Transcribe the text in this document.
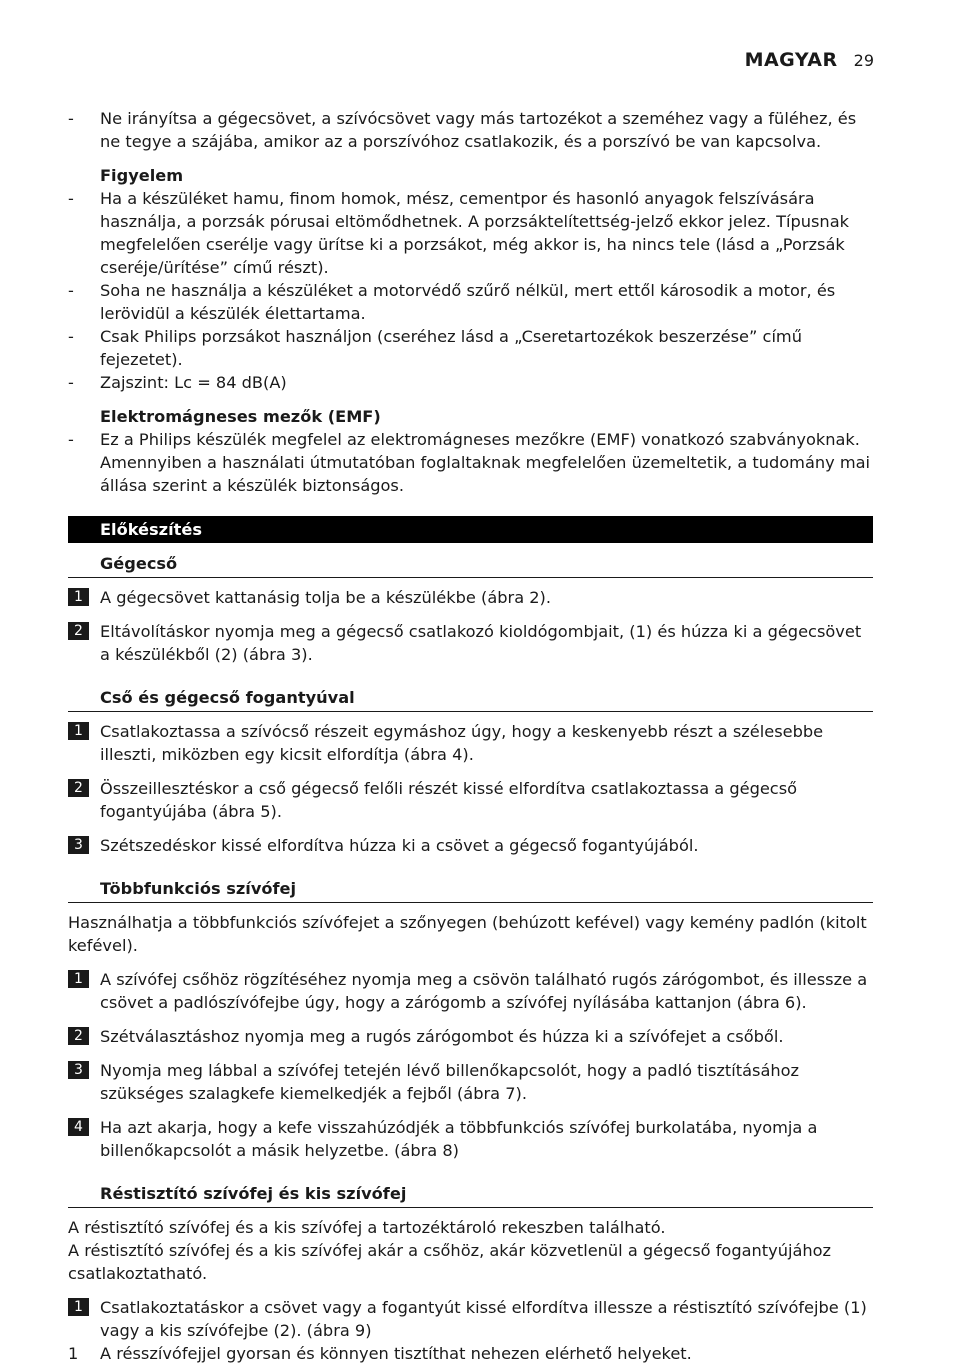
MAGYAR 29
- Ne irányítsa a gégecsövet, a szívócsövet vagy más tartozékot a szeméhez vagy a füléhez, és ne tegye a szájába, amikor az a porszívóhoz csatlakozik, és a porszívó be van kapcsolva.
Figyelem
- Ha a készüléket hamu, finom homok, mész, cementpor és hasonló anyagok felszívására használja, a porzsák pórusai eltömődhetnek. A porzsáktelítettség-jelző ekkor jelez. Típusnak megfelelően cserélje vagy ürítse ki a porzsákot, még akkor is, ha nincs tele (lásd a „Porzsák cseréje/ürítése” című részt).
- Soha ne használja a készüléket a motorvédő szűrő nélkül, mert ettől károsodik a motor, és lerövidül a készülék élettartama.
- Csak Philips porzsákot használjon (cseréhez lásd a „Cseretartozékok beszerzése” című fejezetet).
- Zajszint: Lc = 84 dB(A)
Elektromágneses mezők (EMF)
- Ez a Philips készülék megfelel az elektromágneses mezőkre (EMF) vonatkozó szabványoknak. Amennyiben a használati útmutatóban foglaltaknak megfelelően üzemeltetik, a tudomány mai állása szerint a készülék biztonságos.
Előkészítés
Gégecső
1	A gégecsövet kattanásig tolja be a készülékbe (ábra 2).
2	Eltávolításkor nyomja meg a gégecső csatlakozó kioldógombjait, (1) és húzza ki a gégecsövet a készülékből (2) (ábra 3).
Cső és gégecső fogantyúval
1	Csatlakoztassa a szívócső részeit egymáshoz úgy, hogy a keskenyebb részt a szélesebbe illeszti, miközben egy kicsit elfordítja (ábra 4).
2	Összeillesztéskor a cső gégecső felőli részét kissé elfordítva csatlakoztassa a gégecső fogantyújába (ábra 5).
3	Szétszedéskor kissé elfordítva húzza ki a csövet a gégecső fogantyújából.
Többfunkciós szívófej
Használhatja a többfunkciós szívófejet a szőnyegen (behúzott kefével) vagy kemény padlón (kitolt kefével).
1	A szívófej csőhöz rögzítéséhez nyomja meg a csövön található rugós zárógombot, és illessze a csövet a padlószívófejbe úgy, hogy a zárógomb a szívófej nyílásába kattanjon (ábra 6).
2	Szétválasztáshoz nyomja meg a rugós zárógombot és húzza ki a szívófejet a csőből.
3	Nyomja meg lábbal a szívófej tetején lévő billenőkapcsolót, hogy a padló tisztításához szükséges szalagkefe kiemelkedjék a fejből (ábra 7).
4	Ha azt akarja, hogy a kefe visszahúzódjék a többfunkciós szívófej burkolatába, nyomja a billenőkapcsolót a másik helyzetbe. (ábra 8)
Réstisztító szívófej és kis szívófej
A réstisztító szívófej és a kis szívófej a tartozéktároló rekeszben található.
A réstisztító szívófej és a kis szívófej akár a csőhöz, akár közvetlenül a gégecső fogantyújához csatlakoztatható.
1	Csatlakoztatáskor a csövet vagy a fogantyút kissé elfordítva illessze a réstisztító szívófejbe (1) vagy a kis szívófejbe (2). (ábra 9)
1 A résszívófejjel gyorsan és könnyen tisztíthat nehezen elérhető helyeket.
